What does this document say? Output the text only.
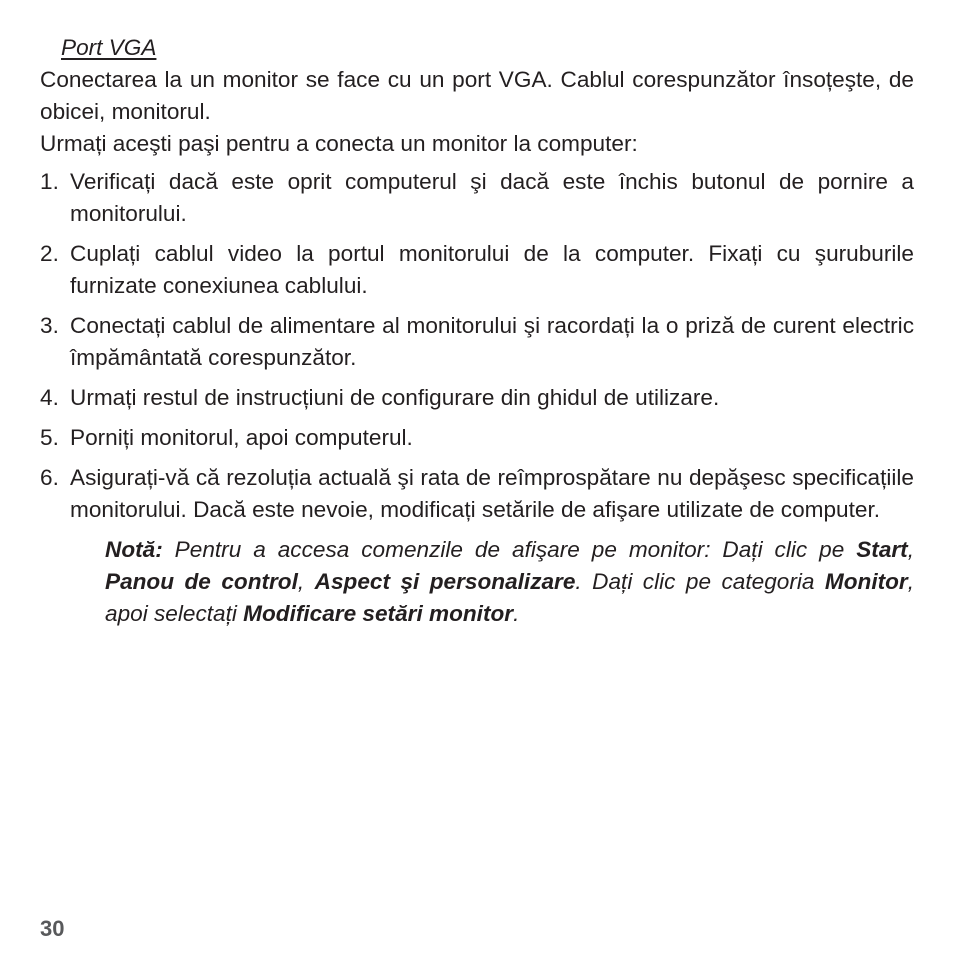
Port VGA

Conectarea la un monitor se face cu un port VGA. Cablul corespunzător însoțeşte, de obicei, monitorul.

Urmați aceşti paşi pentru a conecta un monitor la computer:

1. Verificați dacă este oprit computerul şi dacă este închis butonul de pornire a monitorului.
2. Cuplați cablul video la portul monitorului de la computer. Fixați cu şuruburile furnizate conexiunea cablului.
3. Conectați cablul de alimentare al monitorului şi racordați la o priză de curent electric împământată corespunzător.
4. Urmați restul de instrucțiuni de configurare din ghidul de utilizare.
5. Porniți monitorul, apoi computerul.
6. Asigurați-vă că rezoluția actuală şi rata de reîmprospătare nu depăşesc specificațiile monitorului. Dacă este nevoie, modificați setările de afişare utilizate de computer.

Notă: Pentru a accesa comenzile de afişare pe monitor: Dați clic pe Start, Panou de control, Aspect şi personalizare. Dați clic pe categoria Monitor, apoi selectați Modificare setări monitor.

30
